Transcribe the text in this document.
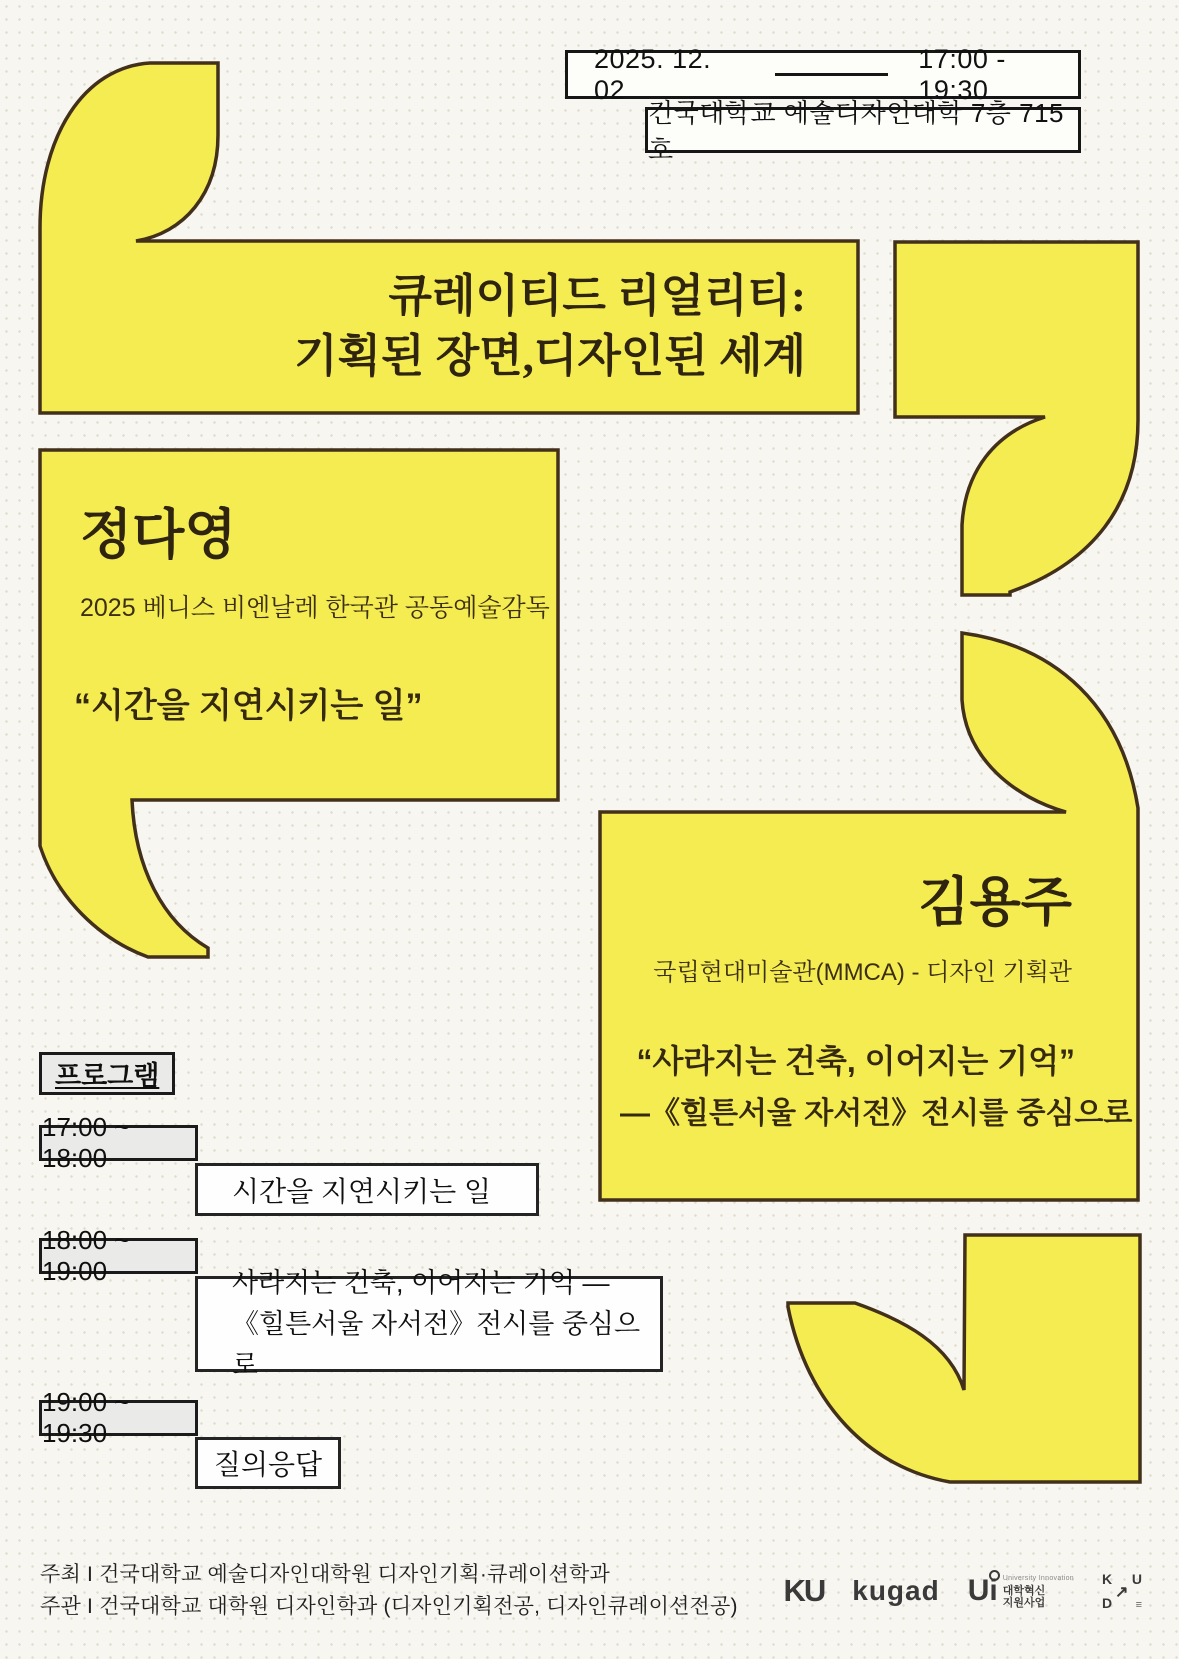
2025. 12. 02
17:00 - 19:30
건국대학교 예술디자인대학 7층 715호
큐레이티드 리얼리티:
기획된 장면,디자인된 세계
정다영
2025 베니스 비엔날레 한국관 공동예술감독
“시간을 지연시키는 일”
김용주
국립현대미술관(MMCA) - 디자인 기획관
“사라지는 건축, 이어지는 기억”
—《힐튼서울 자서전》전시를 중심으로
프로그램
17:00 ~ 18:00
시간을 지연시키는 일
18:00 ~ 19:00	사라지는 건축, 이어지는 기억 —
《힐튼서울 자서전》전시를 중심으로
19:00 ~ 19:30
질의응답
주최 I 건국대학교 예술디자인대학원 디자인기획·큐레이션학과
주관 I 건국대학교 대학원 디자인학과 (디자인기획전공, 디자인큐레이션전공) KU kugad Ui University Innovation
대학혁신
지원사업
K U
↗
D ≡
